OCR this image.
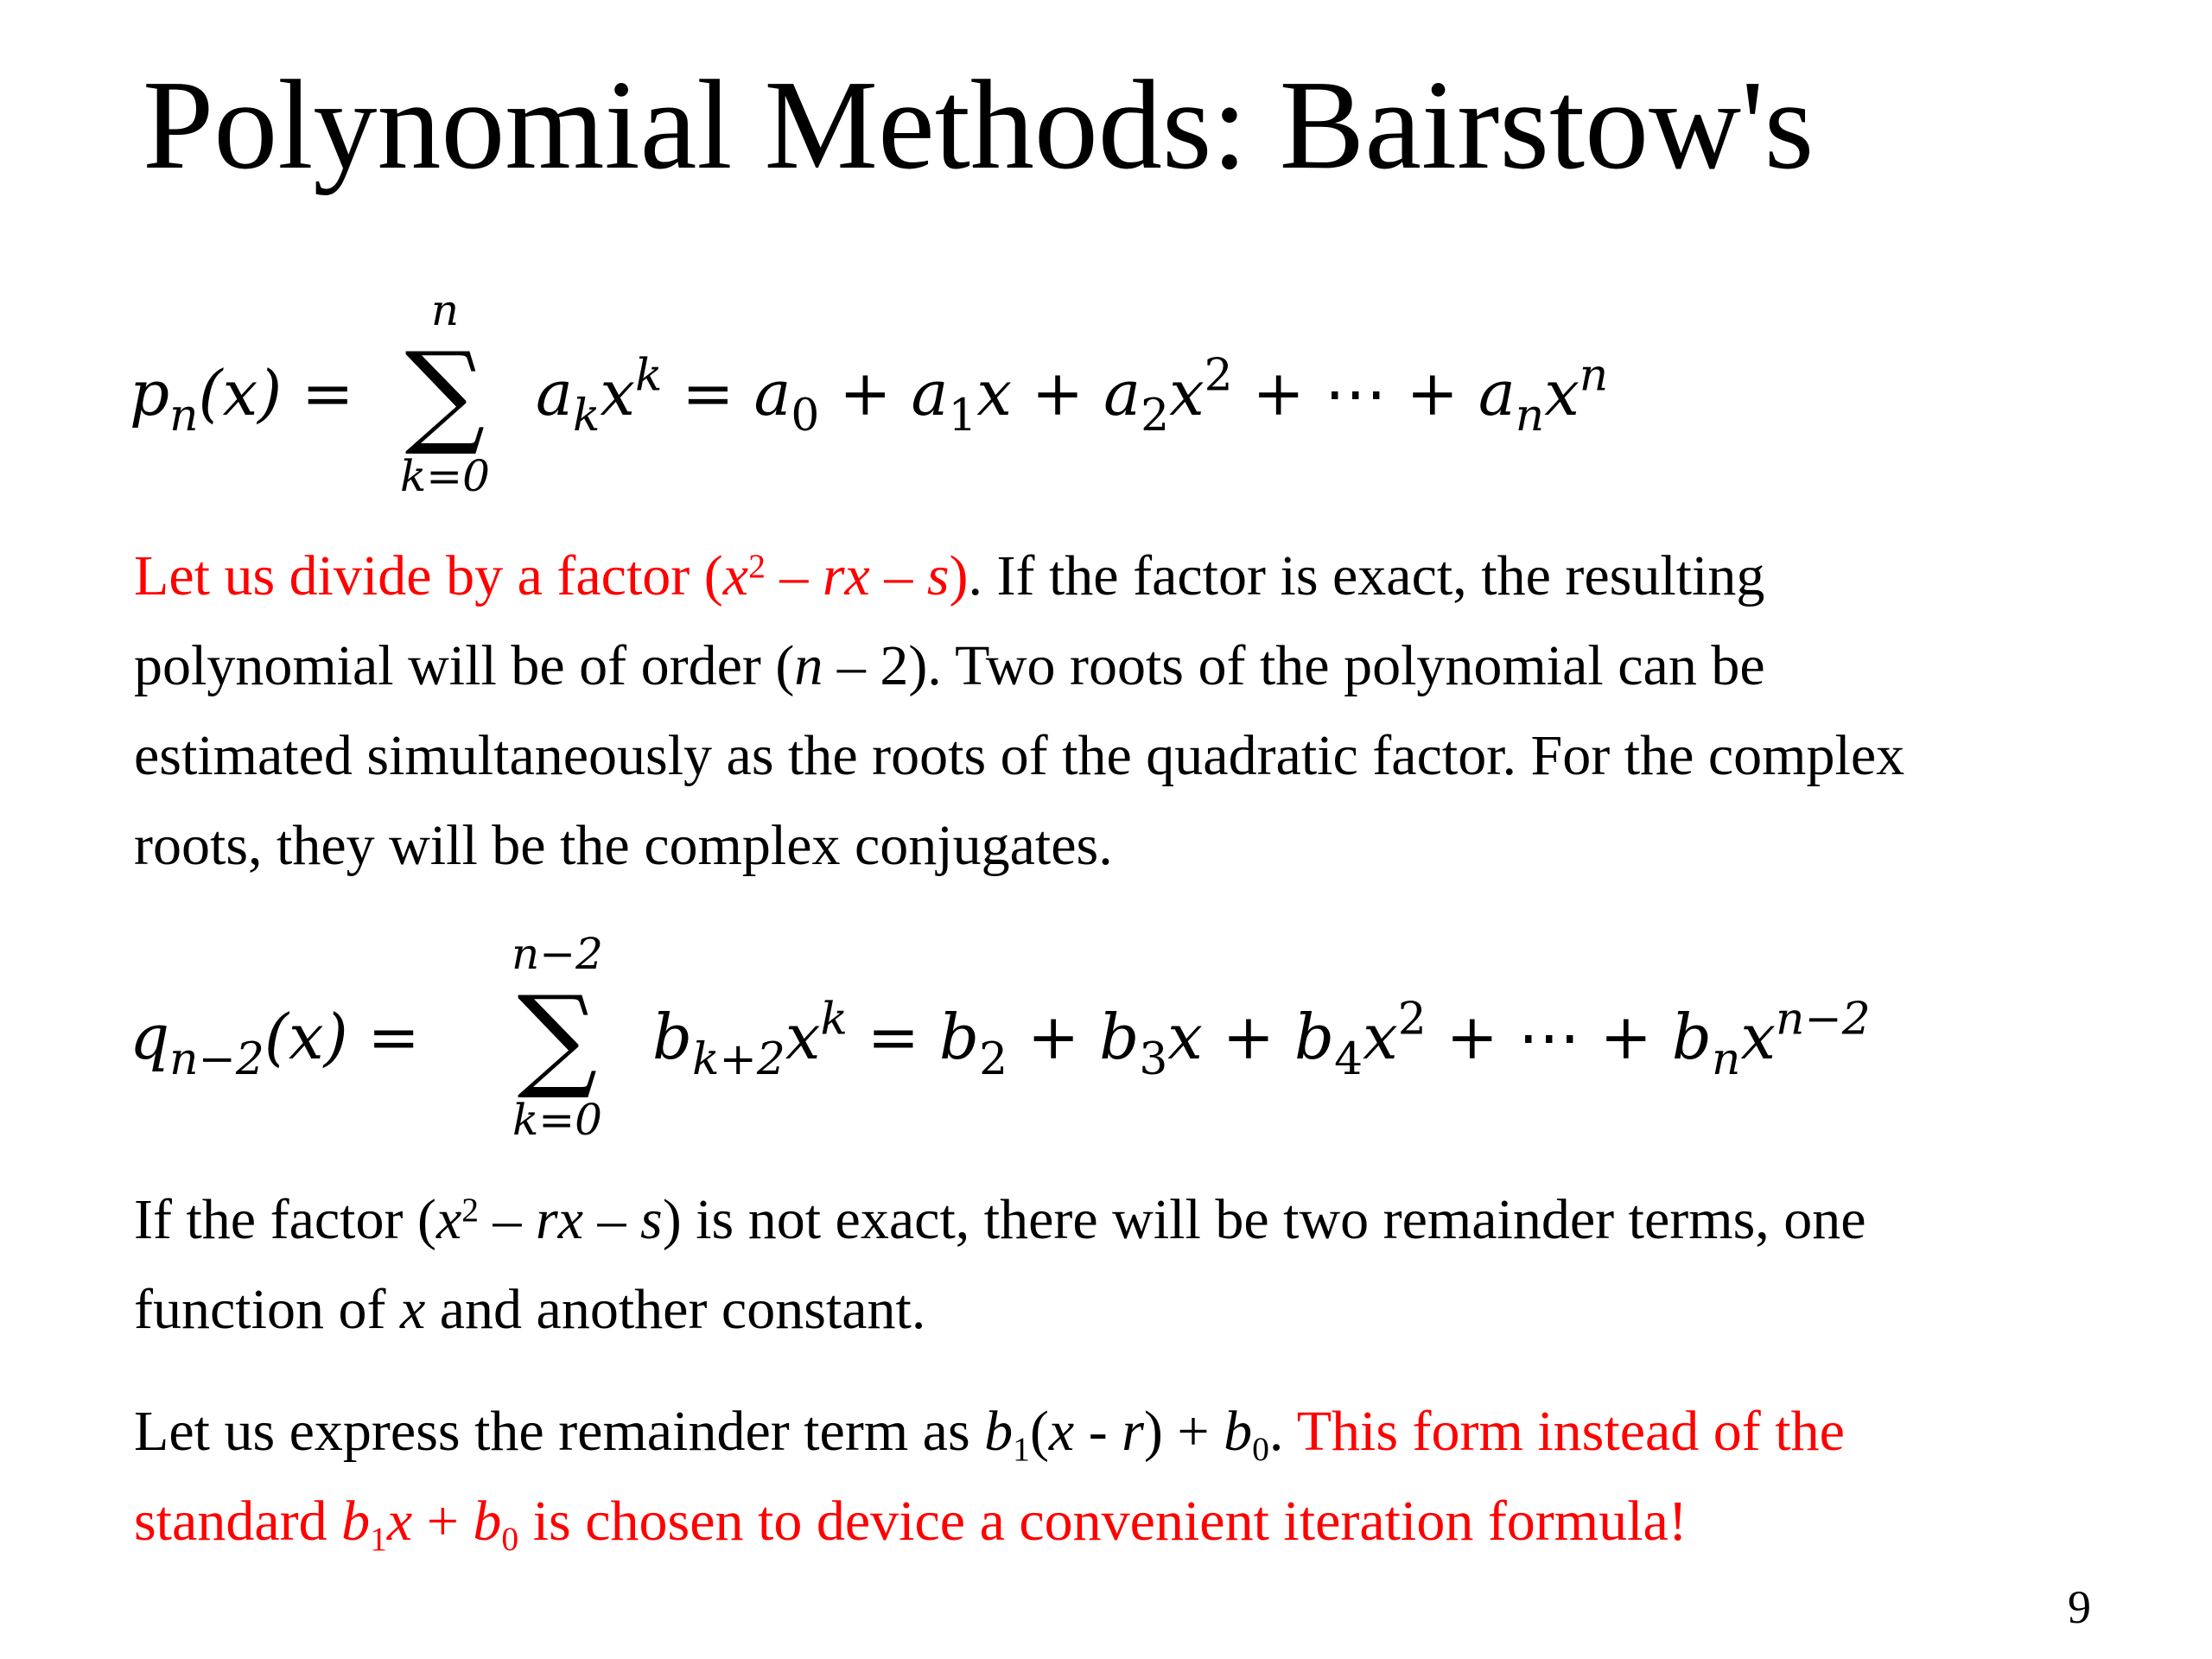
Polynomial Methods: Bairstow's
$p_n(x)$ =
n
∑
k=0
$a_kx^k = a_0 + a_1x + a_2x^2$ + ⋯ + $a_nx^n$
Let us divide by a factor ($x^2$ – rx – s). If the factor is exact, the resulting
polynomial will be of order (n – 2). Two roots of the polynomial can be
estimated simultaneously as the roots of the quadratic factor. For the complex
roots, they will be the complex conjugates.
$q_{n-2}(x)$ =
n−2
∑
k=0
$b_{k+2}x^k = b_2 + b_3x + b_4x^2$ + ⋯ + $b_nx^{n-2}$
If the factor ($x^2$ – rx – s) is not exact, there will be two remainder terms, one
function of x and another constant.
Let us express the remainder term as $b_1(x - r) + b_0$. This form instead of the
standard $b_1x + b_0$ is chosen to device a convenient iteration formula!
9
